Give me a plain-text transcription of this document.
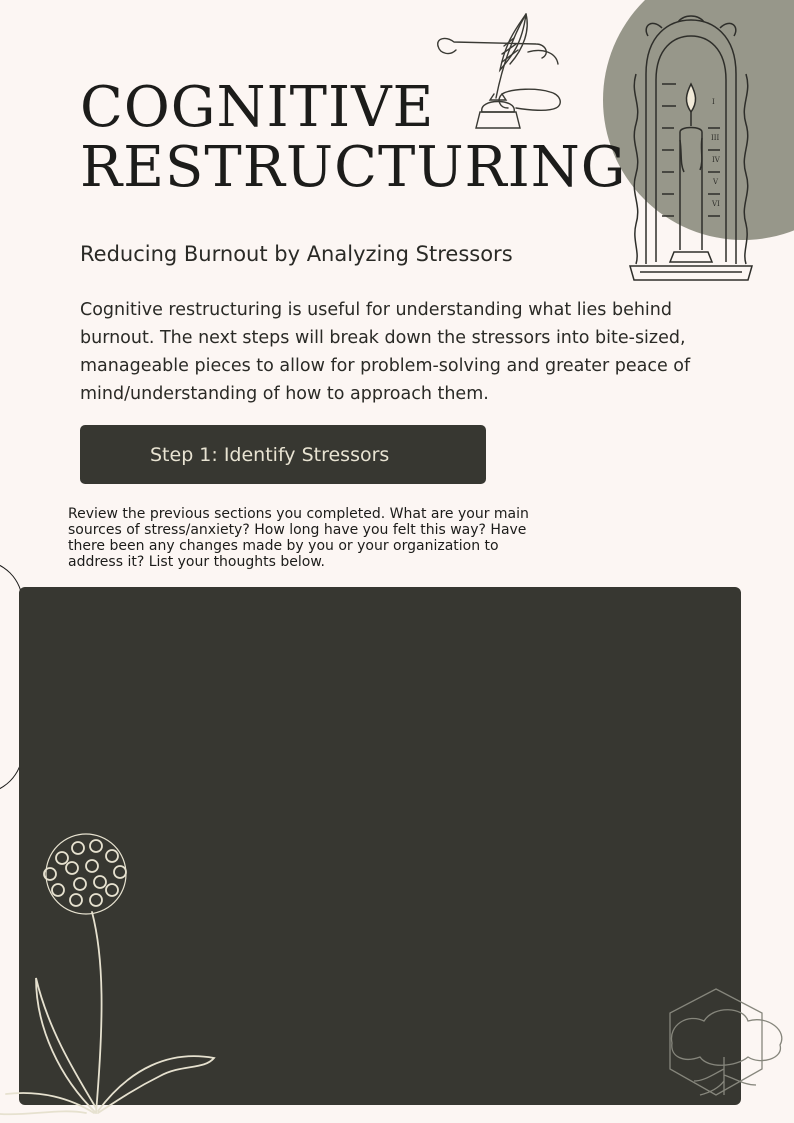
I
III
IV
V
VI
COGNITIVE
RESTRUCTURING
Reducing Burnout by Analyzing Stressors

Cognitive restructuring is useful for understanding what lies behind burnout. The next steps will break down the stressors into bite-sized, manageable pieces to allow for problem-solving and greater peace of mind/understanding of how to approach them.

Step 1: Identify Stressors

Review the previous sections you completed. What are your main sources of stress/anxiety? How long have you felt this way? Have there been any changes made by you or your organization to address it? List your thoughts below.
